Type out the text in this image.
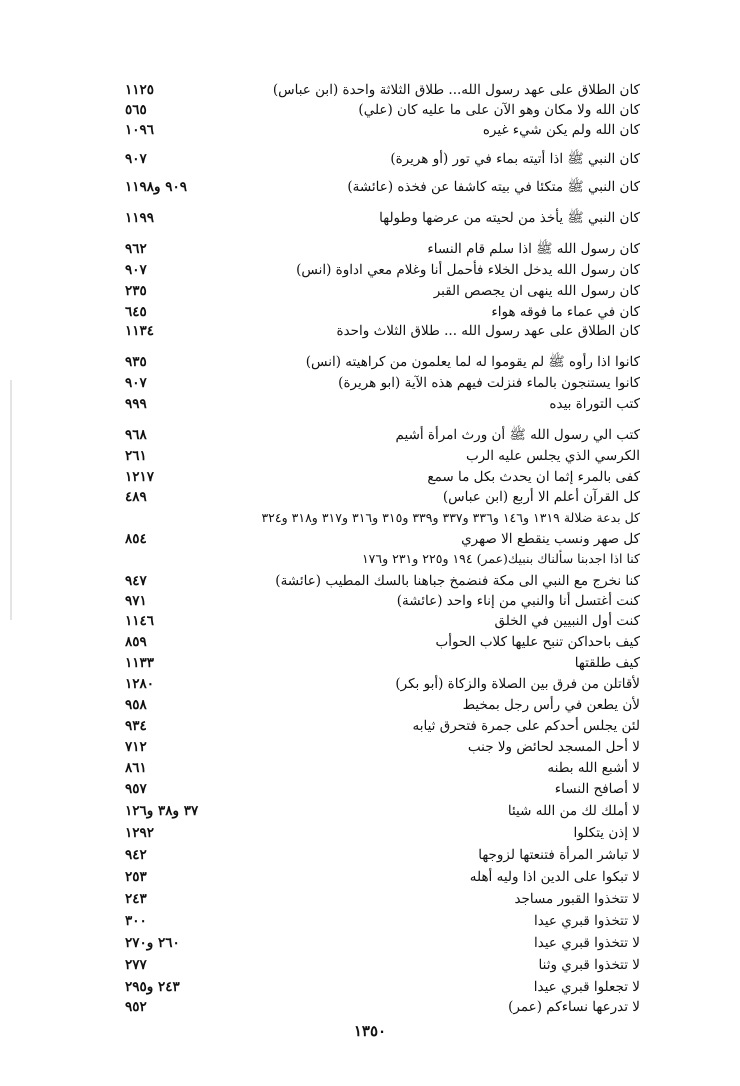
كان الطلاق على عهد رسول الله... طلاق الثلاثة واحدة (ابن عباس)
١١٢٥
كان الله ولا مكان وهو الآن على ما عليه كان (علي)
٥٦٥
كان الله ولم يكن شيء غيره
١٠٩٦
كان النبي ﷺ اذا أتيته بماء في تور (أو هريرة)
٩٠٧
كان النبي ﷺ متكئا في بيته كاشفا عن فخذه (عائشة)
٩٠٩ و١١٩٨
كان النبي ﷺ يأخذ من لحيته من عرضها وطولها
١١٩٩
كان رسول الله ﷺ اذا سلم قام النساء
٩٦٢
كان رسول الله يدخل الخلاء فأحمل أنا وغلام معي اداوة (انس)
٩٠٧
كان رسول الله ينهى ان يجصص القبر
٢٣٥
كان في عماء ما فوقه هواء
٦٤٥
كان الطلاق على عهد رسول الله ... طلاق الثلاث واحدة
١١٣٤
كانوا اذا رأوه ﷺ لم يقوموا له لما يعلمون من كراهيته (انس)
٩٣٥
كانوا يستنجون بالماء فنزلت فيهم هذه الآية (ابو هريرة)
٩٠٧
كتب التوراة بيده
٩٩٩
كتب الي رسول الله ﷺ أن ورث امرأة أشيم
٩٦٨
الكرسي الذي يجلس عليه الرب
٢٦١
كفى بالمرء إثما ان يحدث بكل ما سمع
١٢١٧
كل القرآن أعلم الا أربع (ابن عباس)
٤٨٩
كل بدعة ضلالة ١٣١٩ و١٤٦ و٣٣٦ و٣٣٧ و٣٣٩ و٣١٥ و٣١٦ و٣١٧ و٣١٨ و٣٢٤
كل صهر ونسب ينقطع الا صهري
٨٥٤
كنا اذا اجدبنا سألناك بنبيك(عمر) ١٩٤ و٢٢٥ و٢٣١ و١٧٦
كنا نخرج مع النبي الى مكة فنضمخ جباهنا بالسك المطيب (عائشة)
٩٤٧
كنت أغتسل أنا والنبي من إناء واحد (عائشة)
٩٧١
كنت أول النبيين في الخلق
١١٤٦
كيف باحداكن تنبح عليها كلاب الحوأب
٨٥٩
كيف طلقتها
١١٣٣
لأقاتلن من فرق بين الصلاة والزكاة (أبو بكر)
١٢٨٠
لأن يطعن في رأس رجل بمخيط
٩٥٨
لئن يجلس أحدكم على جمرة فتحرق ثيابه
٩٣٤
لا أحل المسجد لحائض ولا جنب
٧١٢
لا أشبع الله بطنه
٨٦١
لا أصافح النساء
٩٥٧
لا أملك لك من الله شيئا
٣٧ و٣٨ و١٢٦
لا إذن يتكلوا
١٢٩٢
لا تباشر المرأة فتنعتها لزوجها
٩٤٢
لا تبكوا على الدين اذا وليه أهله
٢٥٣
لا تتخذوا القبور مساجد
٢٤٣
لا تتخذوا قبري عيدا
٣٠٠
لا تتخذوا قبري عيدا
٢٦٠ و٢٧٠
لا تتخذوا قبري وثنا
٢٧٧
لا تجعلوا قبري عيدا
٢٤٣ و٢٩٥
١٣٥٠
لا تدرعها نساءكم (عمر)
٩٥٢
